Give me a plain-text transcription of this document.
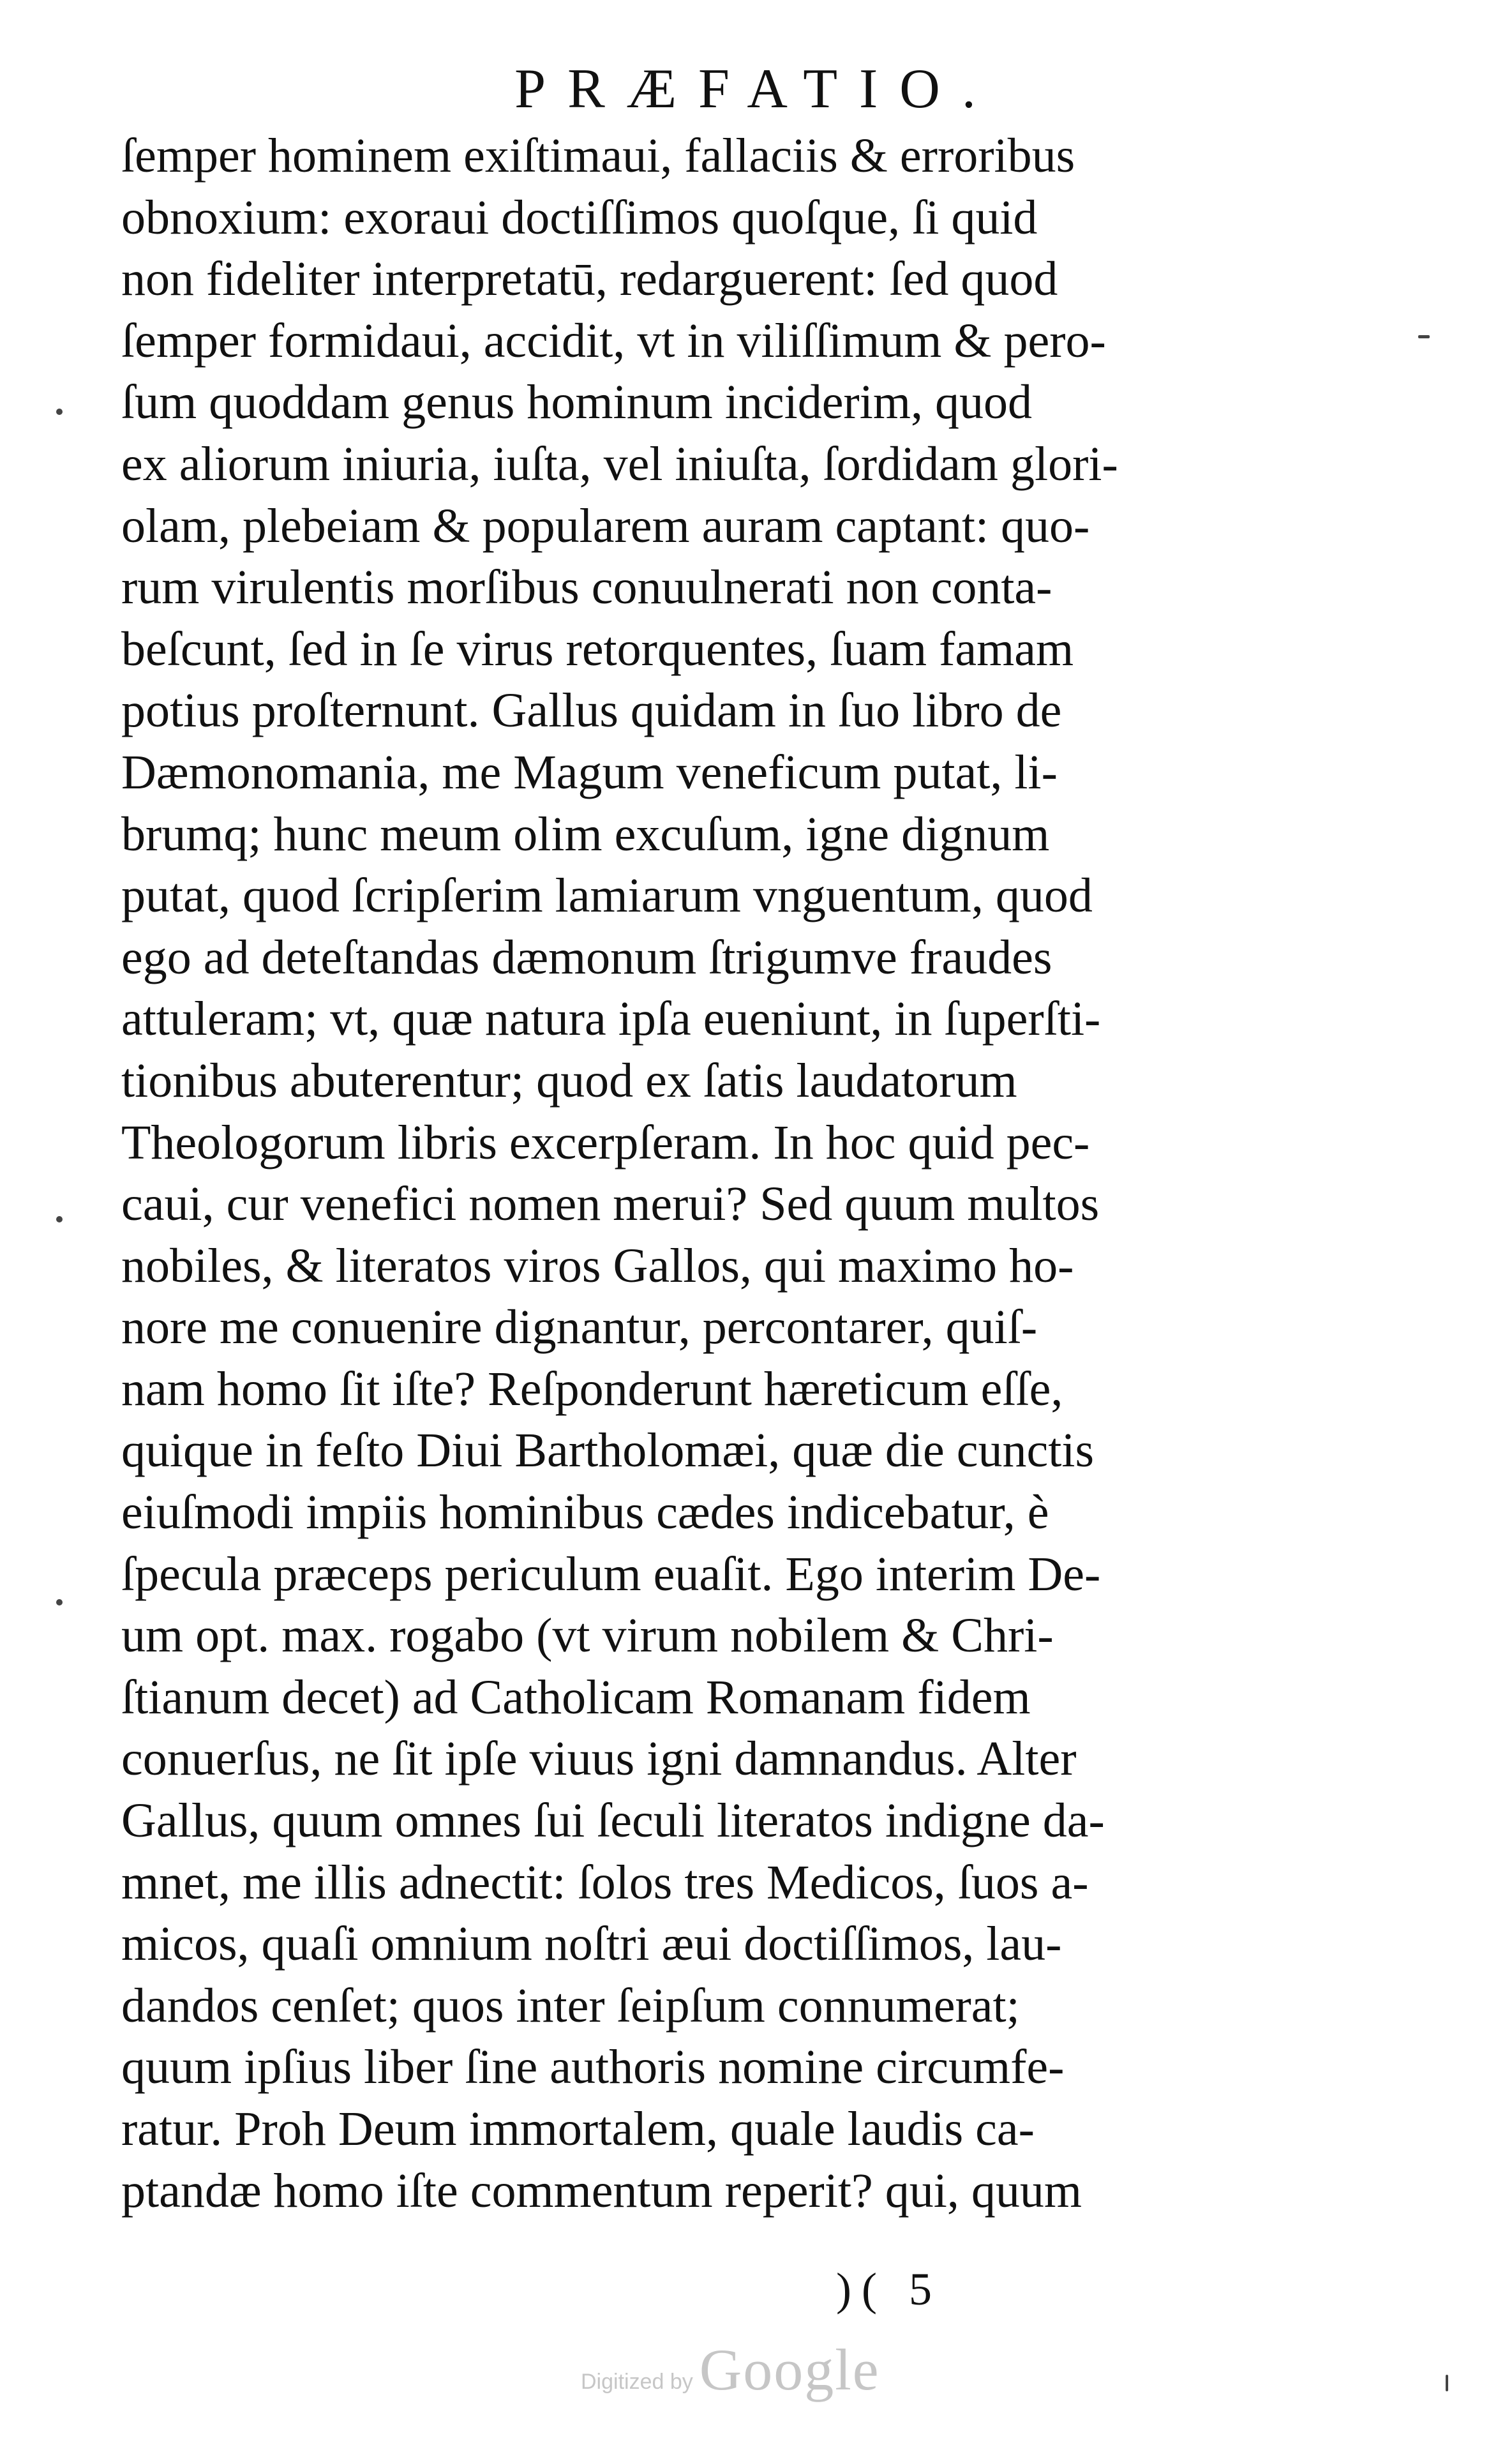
PRÆFATIO.
ſemper hominem exiſtimaui, fallaciis & erroribus
obnoxium: exoraui doctiſſimos quoſque, ſi quid
non fideliter interpretatū, redarguerent: ſed quod
ſemper formidaui, accidit, vt in viliſſimum & pero-
ſum quoddam genus hominum inciderim, quod
ex aliorum iniuria, iuſta, vel iniuſta, ſordidam glori-
olam, plebeiam & popularem auram captant: quo-
rum virulentis morſibus conuulnerati non conta-
beſcunt, ſed in ſe virus retorquentes, ſuam famam
potius proſternunt. Gallus quidam in ſuo libro de
Dæmonomania, me Magum veneficum putat, li-
brumq; hunc meum olim excuſum, igne dignum
putat, quod ſcripſerim lamiarum vnguentum, quod
ego ad deteſtandas dæmonum ſtrigumve fraudes
attuleram; vt, quæ natura ipſa eueniunt, in ſuperſti-
tionibus abuterentur; quod ex ſatis laudatorum
Theologorum libris excerpſeram. In hoc quid pec-
caui, cur venefici nomen merui? Sed quum multos
nobiles, & literatos viros Gallos, qui maximo ho-
nore me conuenire dignantur, percontarer, quiſ-
nam homo ſit iſte? Reſponderunt hæreticum eſſe,
quique in feſto Diui Bartholomæi, quæ die cunctis
eiuſmodi impiis hominibus cædes indicebatur, è
ſpecula præceps periculum euaſit. Ego interim De-
um opt. max. rogabo (vt virum nobilem & Chri-
ſtianum decet) ad Catholicam Romanam fidem
conuerſus, ne ſit ipſe viuus igni damnandus. Alter
Gallus, quum omnes ſui ſeculi literatos indigne da-
mnet, me illis adnectit: ſolos tres Medicos, ſuos a-
micos, quaſi omnium noſtri æui doctiſſimos, lau-
dandos cenſet; quos inter ſeipſum connumerat;
quum ipſius liber ſine authoris nomine circumfe-
ratur. Proh Deum immortalem, quale laudis ca-
ptandæ homo iſte commentum reperit? qui, quum
)( 5
Digitized by Google
